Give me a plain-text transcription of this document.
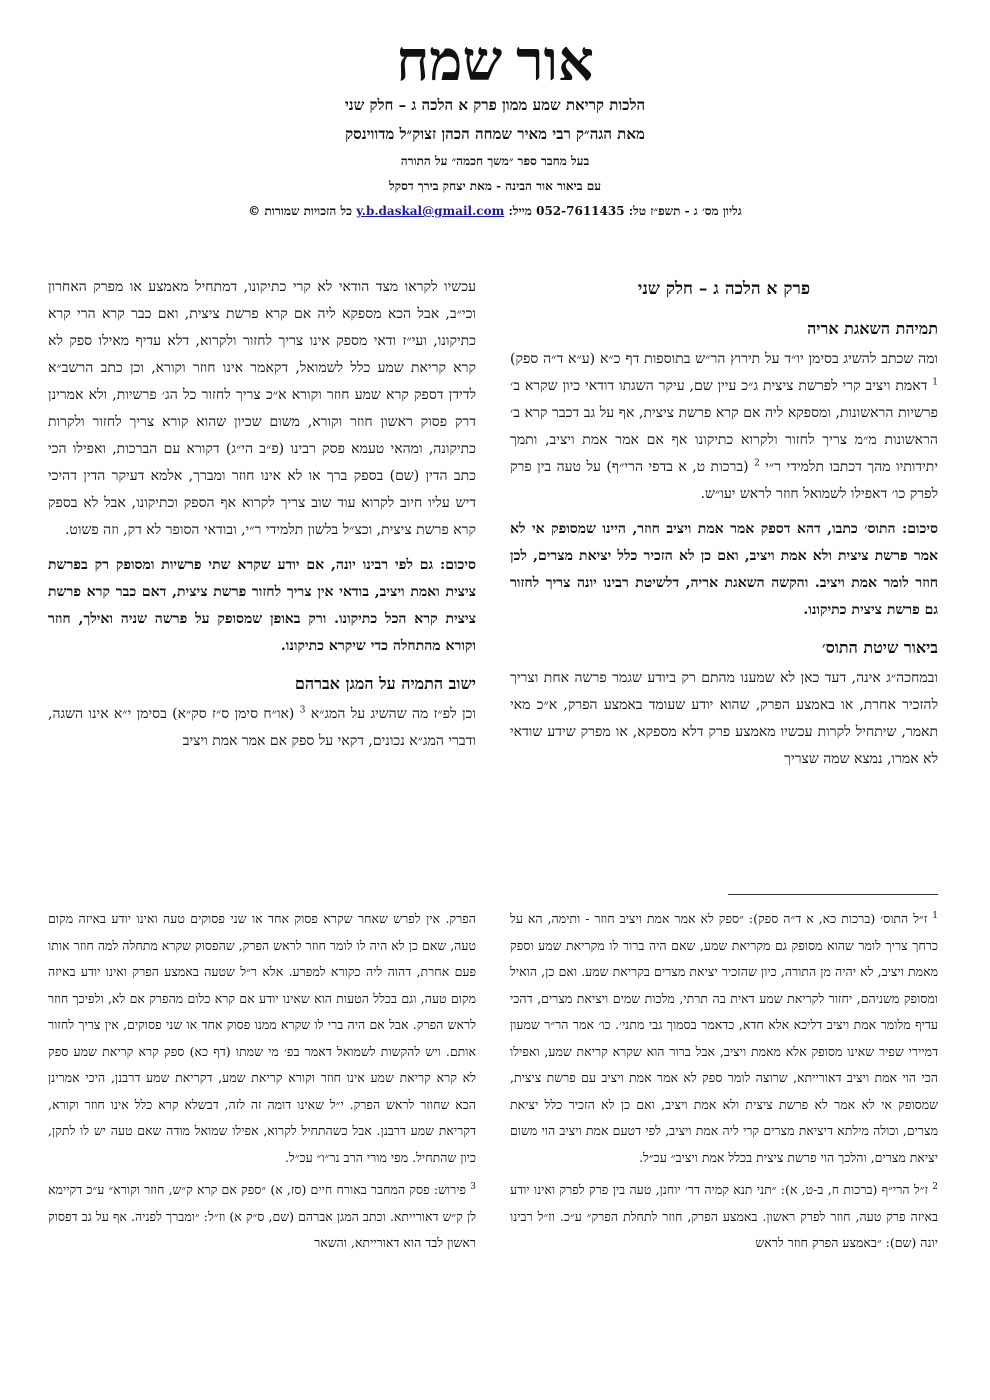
אור שמח
הלכות קריאת שמע ממון פרק א הלכה ג – חלק שני
מאת הגה״ק רבי מאיר שמחה הכהן זצוק״ל מדווינסק
בעל מחבר ספר ״משך חכמה״ על התורה
עם ביאור אור הבינה - מאת יצחק בירך דסקל
גליון מס׳ ג - תשפ״ז טל: 052-7611435 מייל: y.b.daskal@gmail.com כל הזכויות שמורות ©
פרק א הלכה ג – חלק שני
תמיהת השאגת אריה

ומה שכתב להשיג בסימן יו״ד על תירוץ הר״ש בתוספות דף כ״א (ע״א ד״ה ספק) $^1$ דאמת ויציב קרי לפרשת ציצית ג״כ עיין שם, עיקר השגתו דודאי כיון שקרא ב׳ פרשיות הראשונות, ומספקא ליה אם קרא פרשת ציצית, אף על גב דכבר קרא ב׳ הראשונות מ״מ צריך לחזור ולקרוא כתיקונו אף אם אמר אמת ויציב, ותמך יתידותיו מהך דכתבו תלמידי ר״י $^2$ (ברכות ט, א בדפי הרי״ף) על טעה בין פרק לפרק כו׳ דאפילו לשמואל חוזר לראש יעו״ש.

סיכום: התוס׳ כתבו, דהא דספק אמר אמת ויציב חוזר, היינו שמסופק אי לא אמר פרשת ציצית ולא אמת ויציב, ואם כן לא הזכיר כלל יציאת מצרים, לכן חוזר לומר אמת ויציב. והקשה השאגת אריה, דלשיטת רבינו יונה צריך לחזור גם פרשת ציצית כתיקונו.

ביאור שיטת התוס׳

ובמחכה״ג אינה, דעד כאן לא שמענו מהתם רק ביודע שגמר פרשה אחת וצריך להזכיר אחרת, או באמצע הפרק, שהוא יודע שעומד באמצע הפרק, א״כ מאי תאמר, שיתחיל לקרות עכשיו מאמצע פרק דלא מספקא, או מפרק שידע שודאי לא אמרו, נמצא שמה שצריך

עכשיו לקראו מצד הודאי לא קרי כתיקונו, דמתחיל מאמצע או מפרק האחרון וכי״ב, אבל הכא מספקא ליה אם קרא פרשת ציצית, ואם כבר קרא הרי קרא כתיקונו, ועי״ז ודאי מספק אינו צריך לחזור ולקרוא, דלא עדיף מאילו ספק לא קרא קריאת שמע כלל לשמואל, דקאמר אינו חוזר וקורא, וכן כתב הרשב״א לדידן דספק קרא שמע חוזר וקורא א״כ צריך לחזור כל הג׳ פרשיות, ולא אמרינן דרק פסוק ראשון חוזר וקורא, משום שכיון שהוא קורא צריך לחזור ולקרות כתיקונה, ומהאי טעמא פסק רבינו (פ״ב הי״ג) דקורא עם הברכות, ואפילו הכי כתב הדין (שם) בספק ברך או לא אינו חוזר ומברך, אלמא דעיקר הדין דהיכי דיש עליו חיוב לקרוא עוד שוב צריך לקרוא אף הספק וכתיקונו, אבל לא בספק קרא פרשת ציצית, וכצ״ל בלשון תלמידי ר״י, ובודאי הסופר לא דק, וזה פשוט.

סיכום: גם לפי רבינו יונה, אם יודע שקרא שתי פרשיות ומסופק רק בפרשת ציצית ואמת ויציב, בודאי אין צריך לחזור פרשת ציצית, דאם כבר קרא פרשת ציצית קרא הכל כתיקונו. ורק באופן שמסופק על פרשה שניה ואילך, חוזר וקורא מהתחלה כדי שיקרא כתיקונו.

ישוב התמיה על המגן אברהם

וכן לפ״ז מה שהשיג על המג״א $^3$ (או״ח סימן ס״ז סק״א) בסימן י״א אינו השגה, ודברי המג״א נכונים, דקאי על ספק אם אמר אמת ויציב

$^1$ ז״ל התוס׳ (ברכות כא, א ד״ה ספק): ״ספק לא אמר אמת ויציב חוזר - ותימה, הא על כרחך צריך לומר שהוא מסופק גם מקריאת שמע, שאם היה ברור לו מקריאת שמע וספק מאמת ויציב, לא יהיה מן התורה, כיון שהזכיר יציאת מצרים בקריאת שמע. ואם כן, הואיל ומסופק משניהם, יחזור לקריאת שמע דאית בה תרתי, מלכות שמים ויציאת מצרים, דהכי עדיף מלומר אמת ויציב דליכא אלא חדא, כדאמר בסמוך גבי מתני׳. כו׳ אמר הר״ר שמעון דמיירי שפיר שאינו מסופק אלא מאמת ויציב, אבל ברור הוא שקרא קריאת שמע, ואפילו הכי הוי אמת ויציב דאורייתא, שרוצה לומר ספק לא אמר אמת ויציב עם פרשת ציצית, שמסופק אי לא אמר לא פרשת ציצית ולא אמת ויציב, ואם כן לא הזכיר כלל יציאת מצרים, וכולה מילתא דיציאת מצרים קרי ליה אמת ויציב, לפי דטעם אמת ויציב הוי משום יציאת מצרים, והלכך הוי פרשת ציצית בכלל אמת ויציב״ עכ״ל.

$^2$ ז״ל הרי״ף (ברכות ח, ב-ט, א): ״תני תנא קמיה דר׳ יוחנן, טעה בין פרק לפרק ואינו יודע באיזה פרק טעה, חוזר לפרק ראשון. באמצע הפרק, חוזר לתחלת הפרק״ ע״כ. וז״ל רבינו יונה (שם): ״באמצע הפרק חוזר לראש

הפרק. אין לפרש שאחר שקרא פסוק אחד או שני פסוקים טעה ואינו יודע באיזה מקום טעה, שאם כן לא היה לו לומר חוזר לראש הפרק, שהפסוק שקרא מתחלה למה חוזר אותו פעם אחרת, דהוה ליה כקורא למפרע. אלא ר״ל שטעה באמצע הפרק ואינו יודע באיזה מקום טעה, וגם בכלל הטעות הוא שאינו יודע אם קרא כלום מהפרק אם לא, ולפיכך חוזר לראש הפרק. אבל אם היה ברי לו שקרא ממנו פסוק אחד או שני פסוקים, אין צריך לחזור אותם. ויש להקשות לשמואל דאמר בפ׳ מי שמתו (דף כא) ספק קרא קריאת שמע ספק לא קרא קריאת שמע אינו חוזר וקורא קריאת שמע, דקריאת שמע דרבנן, היכי אמרינן הכא שחוזר לראש הפרק. י״ל שאינו דומה זה לזה, דבשלא קרא כלל אינו חוזר וקורא, דקריאת שמע דרבנן. אבל כשהתחיל לקרוא, אפילו שמואל מודה שאם טעה יש לו לתקן, כיון שהתחיל. מפי מורי הרב נר״ו״ עכ״ל.

$^3$ פירוש: פסק המחבר באורח חיים (סז, א) ״ספק אם קרא ק״ש, חוזר וקורא״ ע״כ דקיימא לן ק״ש דאורייתא. וכתב המגן אברהם (שם, ס״ק א) וז״ל: ״ומברך לפניה. אף על גב דפסוק ראשון לבד הוא דאורייתא, והשאר
